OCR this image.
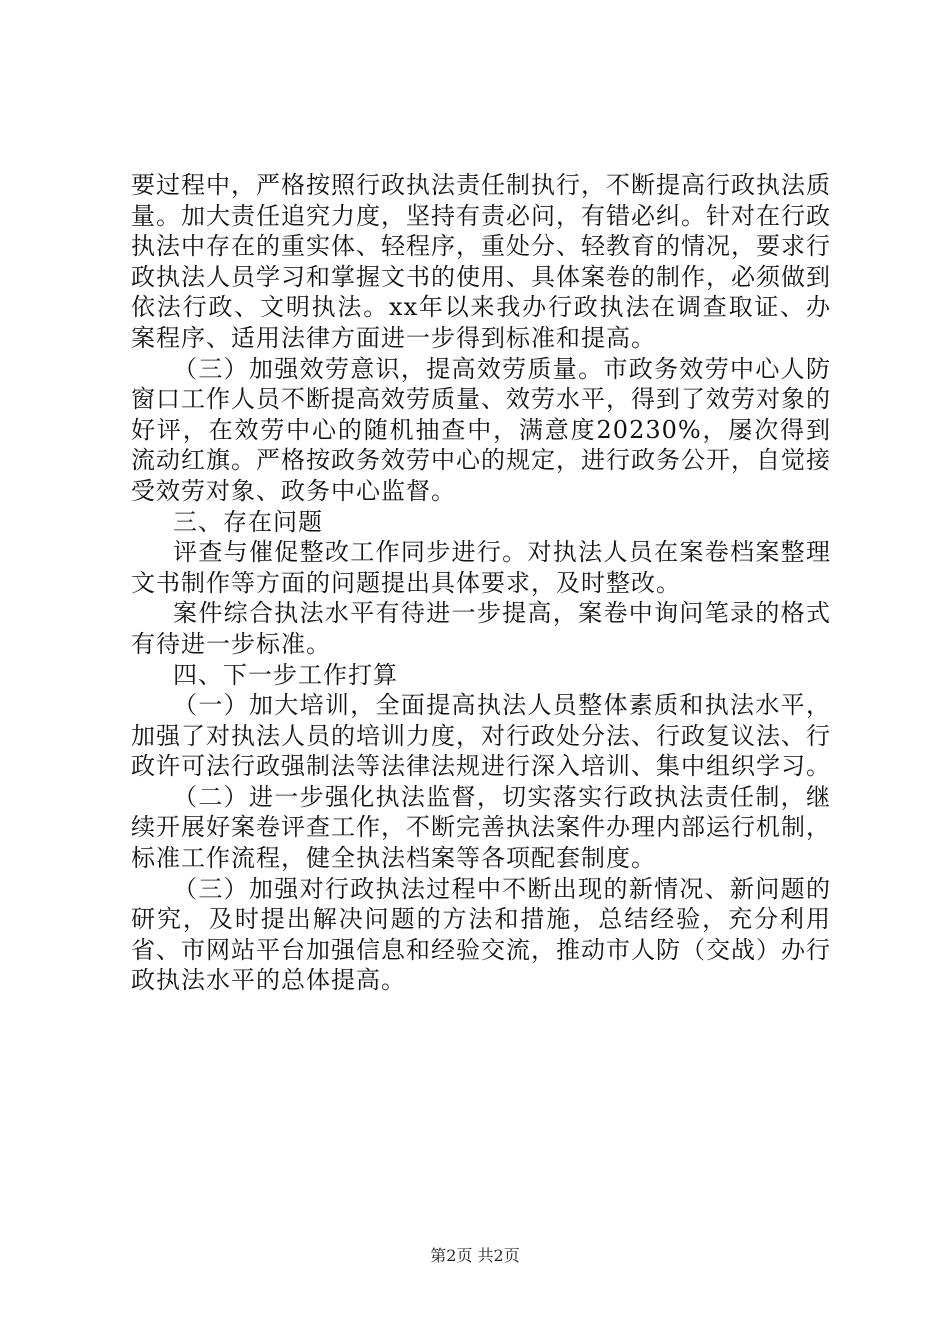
要过程中，严格按照行政执法责任制执行，不断提高行政执法质量。加大责任追究力度，坚持有责必问，有错必纠。针对在行政执法中存在的重实体、轻程序，重处分、轻教育的情况，要求行政执法人员学习和掌握文书的使用、具体案卷的制作，必须做到依法行政、文明执法。xx年以来我办行政执法在调查取证、办案程序、适用法律方面进一步得到标准和提高。

（三）加强效劳意识，提高效劳质量。市政务效劳中心人防窗口工作人员不断提高效劳质量、效劳水平，得到了效劳对象的好评，在效劳中心的随机抽查中，满意度20230%，屡次得到流动红旗。严格按政务效劳中心的规定，进行政务公开，自觉接受效劳对象、政务中心监督。

三、存在问题

评查与催促整改工作同步进行。对执法人员在案卷档案整理文书制作等方面的问题提出具体要求，及时整改。

案件综合执法水平有待进一步提高，案卷中询问笔录的格式有待进一步标准。

四、下一步工作打算

（一）加大培训，全面提高执法人员整体素质和执法水平，加强了对执法人员的培训力度，对行政处分法、行政复议法、行政许可法行政强制法等法律法规进行深入培训、集中组织学习。

（二）进一步强化执法监督，切实落实行政执法责任制，继续开展好案卷评查工作，不断完善执法案件办理内部运行机制，标准工作流程，健全执法档案等各项配套制度。

（三）加强对行政执法过程中不断出现的新情况、新问题的研究，及时提出解决问题的方法和措施，总结经验，充分利用省、市网站平台加强信息和经验交流，推动市人防（交战）办行政执法水平的总体提高。

第2页 共2页
